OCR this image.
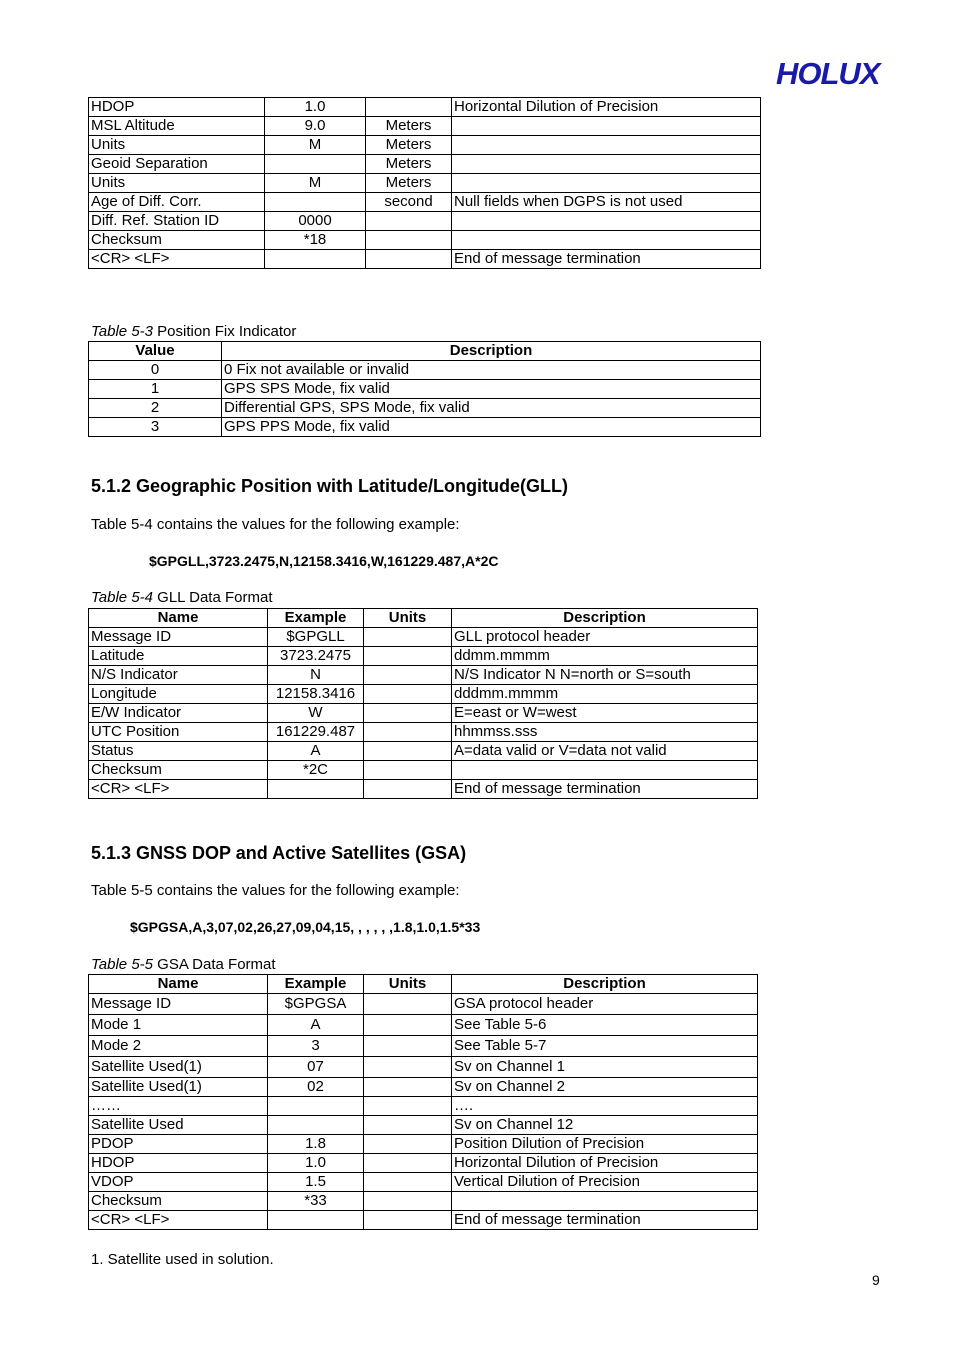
HOLUX
HDOP	1.0		Horizontal Dilution of Precision
MSL Altitude	9.0	Meters	
Units	M	Meters	
Geoid Separation		Meters	
Units	M	Meters	
Age of Diff. Corr.		second	Null fields when DGPS is not used
Diff. Ref. Station ID	0000		
Checksum	*18		
<CR> <LF>			End of message termination
Table 5-3 Position Fix Indicator
Value	Description
0	0 Fix not available or invalid
1	GPS SPS Mode, fix valid
2	Differential GPS, SPS Mode, fix valid
3	GPS PPS Mode, fix valid
5.1.2 Geographic Position with Latitude/Longitude(GLL)
Table 5-4 contains the values for the following example:
$GPGLL,3723.2475,N,12158.3416,W,161229.487,A*2C
Table 5-4 GLL Data Format
Name	Example	Units	Description
Message ID	$GPGLL		GLL protocol header
Latitude	3723.2475		ddmm.mmmm
N/S Indicator	N		N/S Indicator N N=north or S=south
Longitude	12158.3416		dddmm.mmmm
E/W Indicator	W		E=east or W=west
UTC Position	161229.487		hhmmss.sss
Status	A		A=data valid or V=data not valid
Checksum	*2C		
<CR> <LF>			End of message termination
5.1.3 GNSS DOP and Active Satellites (GSA)
Table 5-5 contains the values for the following example:
$GPGSA,A,3,07,02,26,27,09,04,15, , , , , ,1.8,1.0,1.5*33
Table 5-5 GSA Data Format
Name	Example	Units	Description
Message ID	$GPGSA		GSA protocol header
Mode 1	A		See Table 5-6
Mode 2	3		See Table 5-7
Satellite Used(1)	07		Sv on Channel 1
Satellite Used(1)	02		Sv on Channel 2
……			….
Satellite Used			Sv on Channel 12
PDOP	1.8		Position Dilution of Precision
HDOP	1.0		Horizontal Dilution of Precision
VDOP	1.5		Vertical Dilution of Precision
Checksum	*33		
<CR> <LF>			End of message termination
1. Satellite used in solution.
9
